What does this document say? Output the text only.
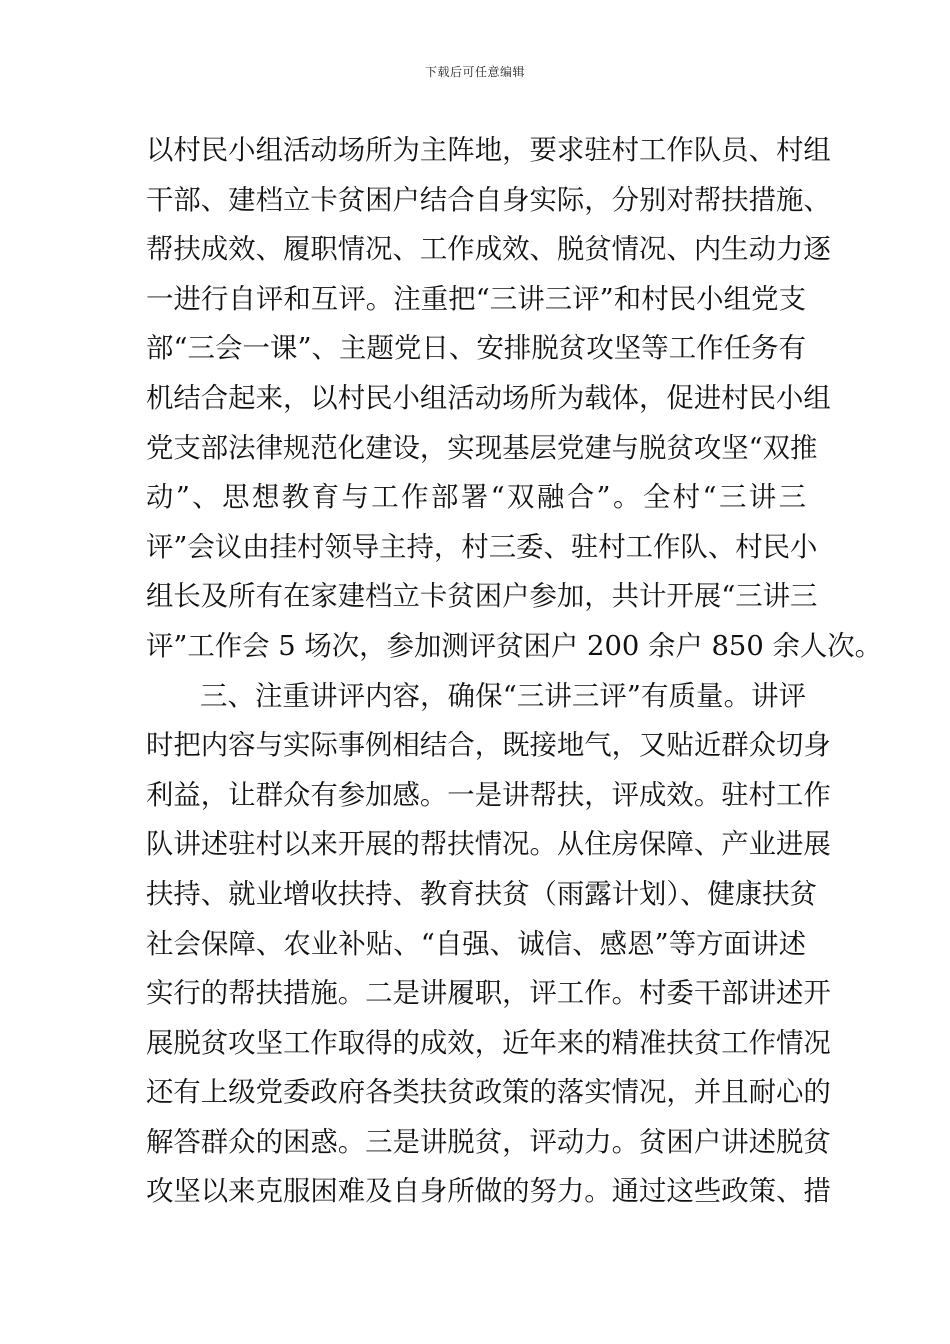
下载后可任意编辑
以村民小组活动场所为主阵地，要求驻村工作队员、村组
干部、建档立卡贫困户结合自身实际，分别对帮扶措施、
帮扶成效、履职情况、工作成效、脱贫情况、内生动力逐
一进行自评和互评。注重把“三讲三评”和村民小组党支
部“三会一课”、主题党日、安排脱贫攻坚等工作任务有
机结合起来，以村民小组活动场所为载体，促进村民小组
党支部法律规范化建设，实现基层党建与脱贫攻坚“双推
动”、思想教育与工作部署“双融合”。全村“三讲三
评”会议由挂村领导主持，村三委、驻村工作队、村民小
组长及所有在家建档立卡贫困户参加，共计开展“三讲三
评”工作会 5 场次，参加测评贫困户 200 余户 850 余人次。
三、注重讲评内容，确保“三讲三评”有质量。讲评
时把内容与实际事例相结合，既接地气，又贴近群众切身
利益，让群众有参加感。一是讲帮扶，评成效。驻村工作
队讲述驻村以来开展的帮扶情况。从住房保障、产业进展
扶持、就业增收扶持、教育扶贫（雨露计划）、健康扶贫
社会保障、农业补贴、“自强、诚信、感恩”等方面讲述
实行的帮扶措施。二是讲履职，评工作。村委干部讲述开
展脱贫攻坚工作取得的成效，近年来的精准扶贫工作情况
还有上级党委政府各类扶贫政策的落实情况，并且耐心的
解答群众的困惑。三是讲脱贫，评动力。贫困户讲述脱贫
攻坚以来克服困难及自身所做的努力。通过这些政策、措
